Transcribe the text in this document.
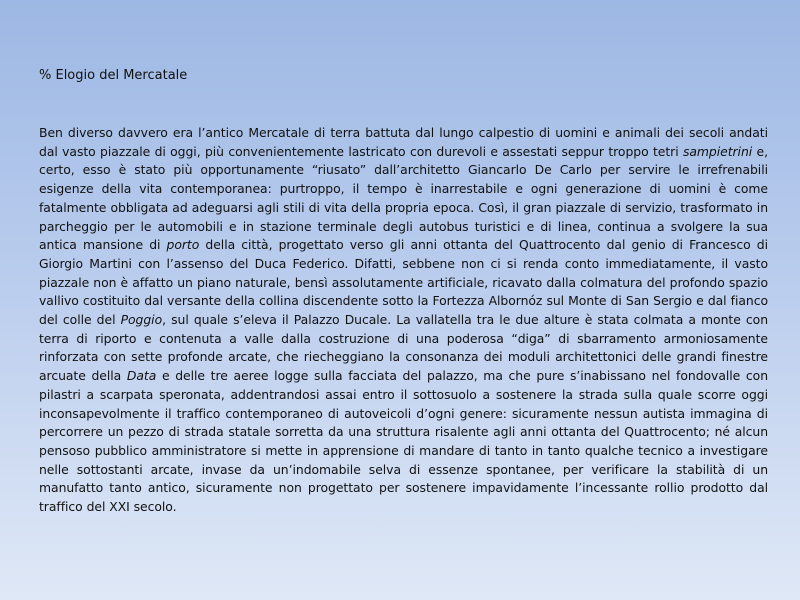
% Elogio del Mercatale

Ben diverso davvero era l’antico Mercatale di terra battuta dal lungo calpestio di uomini e animali dei secoli andati dal vasto piazzale di oggi, più convenientemente lastricato con durevoli e assestati seppur troppo tetri sampietrini e, certo, esso è stato più opportunamente “riusato” dall’architetto Giancarlo De Carlo per servire le irrefrenabili esigenze della vita contemporanea: purtroppo, il tempo è inarrestabile e ogni generazione di uomini è come fatalmente obbligata ad adeguarsi agli stili di vita della propria epoca. Così, il gran piazzale di servizio, trasformato in parcheggio per le automobili e in stazione terminale degli autobus turistici e di linea, continua a svolgere la sua antica mansione di porto della città, progettato verso gli anni ottanta del Quattrocento dal genio di Francesco di Giorgio Martini con l’assenso del Duca Federico. Difatti, sebbene non ci si renda conto immediatamente, il vasto piazzale non è affatto un piano naturale, bensì assolutamente artificiale, ricavato dalla colmatura del profondo spazio vallivo costituito dal versante della collina discendente sotto la Fortezza Albornóz sul Monte di San Sergio e dal fianco del colle del Poggio, sul quale s’eleva il Palazzo Ducale. La vallatella tra le due alture è stata colmata a monte con terra di riporto e contenuta a valle dalla costruzione di una poderosa “diga” di sbarramento armoniosamente rinforzata con sette profonde arcate, che riecheggiano la consonanza dei moduli architettonici delle grandi finestre arcuate della Data e delle tre aeree logge sulla facciata del palazzo, ma che pure s’inabissano nel fondovalle con pilastri a scarpata speronata, addentrandosi assai entro il sottosuolo a sostenere la strada sulla quale scorre oggi inconsapevolmente il traffico contemporaneo di autoveicoli d’ogni genere: sicuramente nessun autista immagina di percorrere un pezzo di strada statale sorretta da una struttura risalente agli anni ottanta del Quattrocento; né alcun pensoso pubblico amministratore si mette in apprensione di mandare di tanto in tanto qualche tecnico a investigare nelle sottostanti arcate, invase da un’indomabile selva di essenze spontanee, per verificare la stabilità di un manufatto tanto antico, sicuramente non progettato per sostenere impavidamente l’incessante rollio prodotto dal traffico del XXI secolo.
